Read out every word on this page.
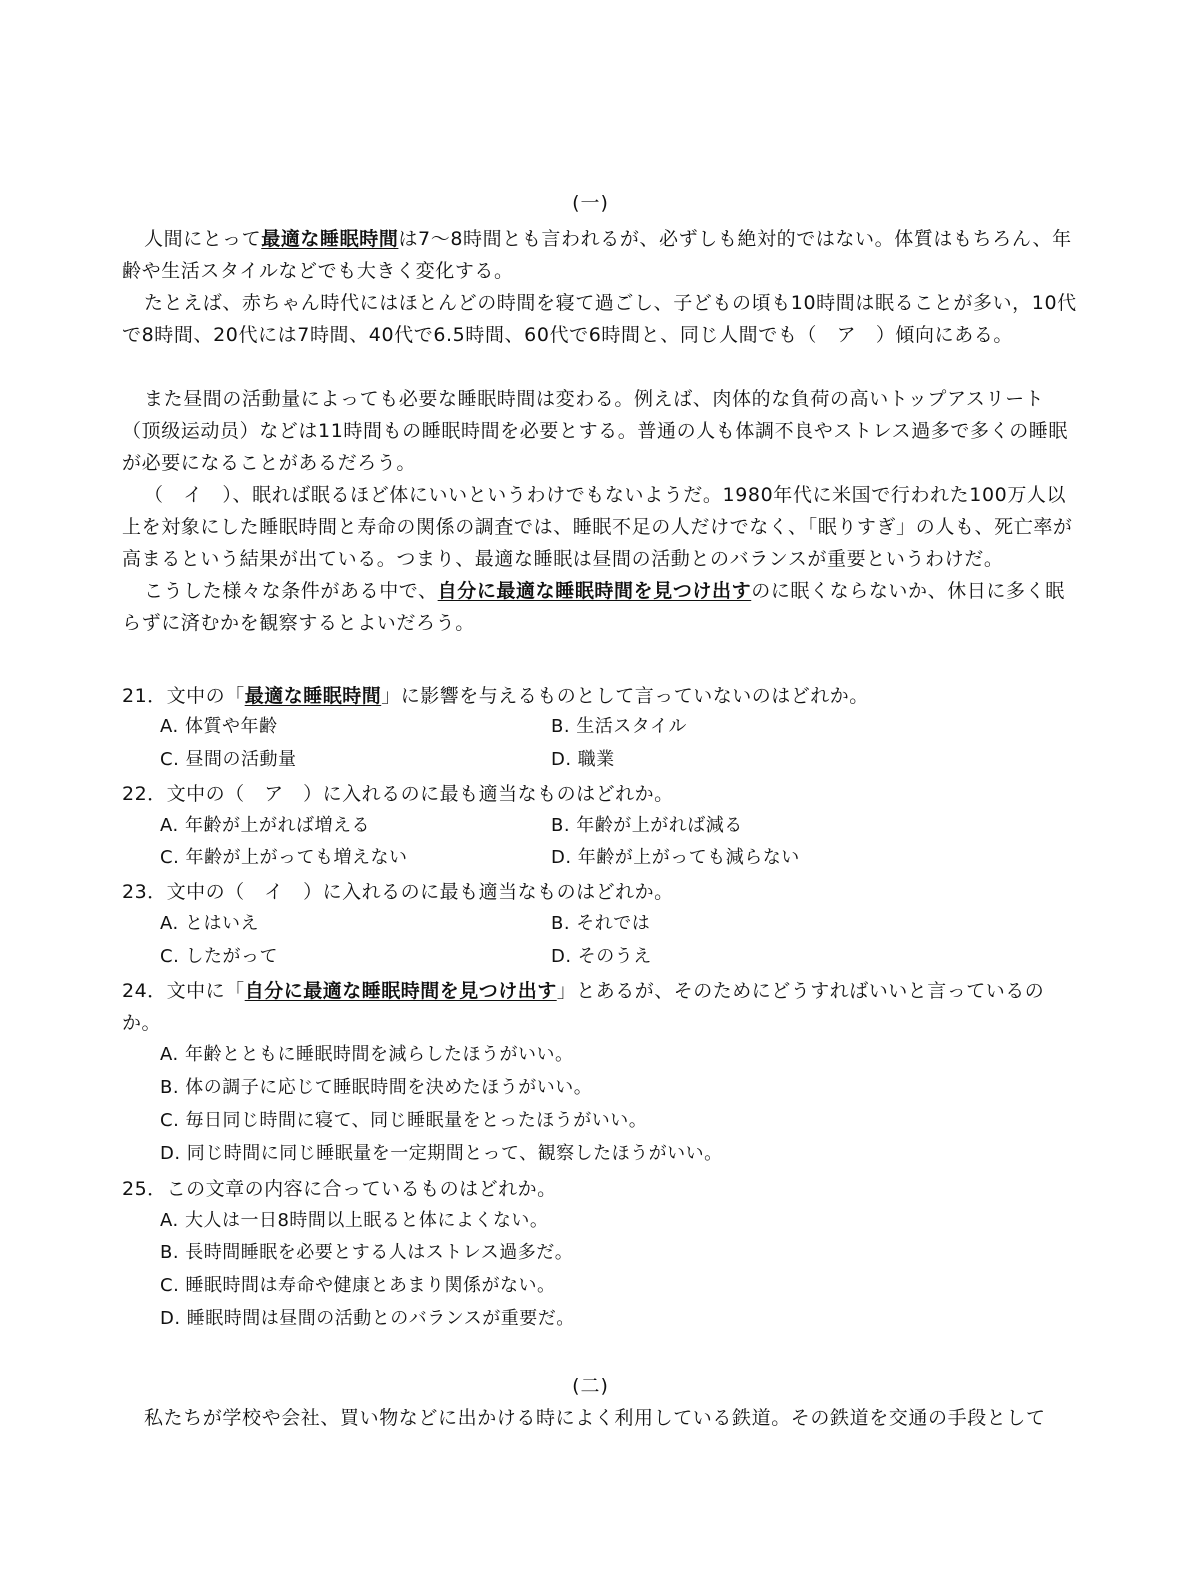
(一)

人間にとって最適な睡眠時間は7〜8時間とも言われるが、必ずしも絶対的ではない。体質はもちろん、年齢や生活スタイルなどでも大きく変化する。

たとえば、赤ちゃん時代にはほとんどの時間を寝て過ごし、子どもの頃も10時間は眠ることが多い，10代で8時間、20代には7時間、40代で6.5時間、60代で6時間と、同じ人間でも（　ア　）傾向にある。

また昼間の活動量によっても必要な睡眠時間は変わる。例えば、肉体的な負荷の高いトップアスリート（顶级运动员）などは11時間もの睡眠時間を必要とする。普通の人も体調不良やストレス過多で多くの睡眠が必要になることがあるだろう。

（　イ　）、眠れば眠るほど体にいいというわけでもないようだ。1980年代に米国で行われた100万人以上を対象にした睡眠時間と寿命の関係の調査では、睡眠不足の人だけでなく、「眠りすぎ」の人も、死亡率が高まるという結果が出ている。つまり、最適な睡眠は昼間の活動とのバランスが重要というわけだ。

こうした様々な条件がある中で、自分に最適な睡眠時間を見つけ出すのに眠くならないか、休日に多く眠らずに済むかを観察するとよいだろう。

21．文中の「最適な睡眠時間」に影響を与えるものとして言っていないのはどれか。
A. 体質や年齢	B. 生活スタイル
C. 昼間の活動量	D. 職業
22．文中の（　ア　）に入れるのに最も適当なものはどれか。
A. 年齢が上がれば増える	B. 年齢が上がれば減る
C. 年齢が上がっても増えない	D. 年齢が上がっても減らない
23．文中の（　イ　）に入れるのに最も適当なものはどれか。
A. とはいえ	B. それでは
C. したがって	D. そのうえ
24．文中に「自分に最適な睡眠時間を見つけ出す」とあるが、そのためにどうすればいいと言っているのか。
A. 年齢とともに睡眠時間を減らしたほうがいい。
B. 体の調子に応じて睡眠時間を決めたほうがいい。
C. 毎日同じ時間に寝て、同じ睡眠量をとったほうがいい。
D. 同じ時間に同じ睡眠量を一定期間とって、観察したほうがいい。
25．この文章の内容に合っているものはどれか。
A. 大人は一日8時間以上眠ると体によくない。
B. 長時間睡眠を必要とする人はストレス過多だ。
C. 睡眠時間は寿命や健康とあまり関係がない。
D. 睡眠時間は昼間の活動とのバランスが重要だ。
(二)

私たちが学校や会社、買い物などに出かける時によく利用している鉄道。その鉄道を交通の手段として
